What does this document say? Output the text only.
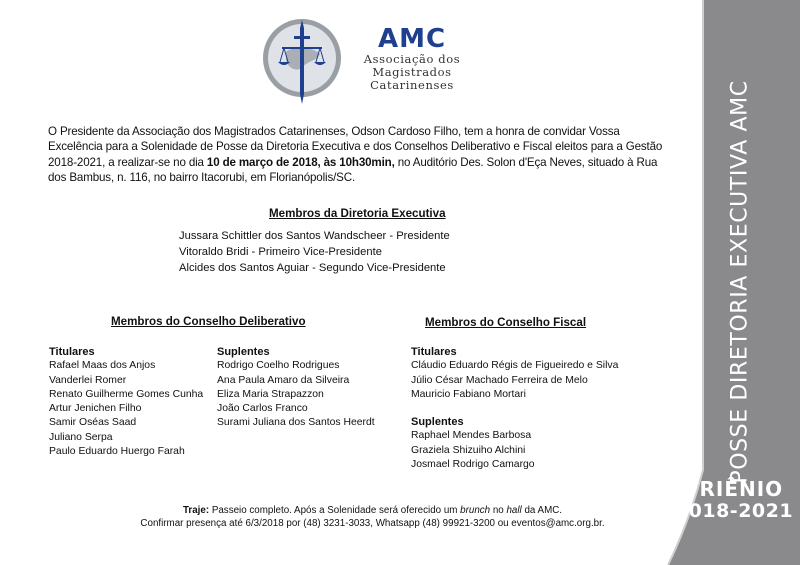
AMC
Associação dos
Magistrados
Catarinenses
O Presidente da Associação dos Magistrados Catarinenses, Odson Cardoso Filho, tem a honra de convidar Vossa Excelência para a Solenidade de Posse da Diretoria Executiva e dos Conselhos Deliberativo e Fiscal eleitos para a Gestão 2018-2021, a realizar-se no dia 10 de março de 2018, às 10h30min, no Auditório Des. Solon d'Eça Neves, situado à Rua dos Bambus, n. 116, no bairro Itacorubi, em Florianópolis/SC.
Membros da Diretoria Executiva
Jussara Schittler dos Santos Wandscheer - Presidente
Vitoraldo Bridi - Primeiro Vice-Presidente
Alcides dos Santos Aguiar - Segundo Vice-Presidente
Membros do Conselho Deliberativo
Titulares
Rafael Maas dos Anjos
Vanderlei Romer
Renato Guilherme Gomes Cunha
Artur Jenichen Filho
Samir Oséas Saad
Juliano Serpa
Paulo Eduardo Huergo Farah
Suplentes
Rodrigo Coelho Rodrigues
Ana Paula Amaro da Silveira
Eliza Maria Strapazzon
João Carlos Franco
Surami Juliana dos Santos Heerdt
Membros do Conselho Fiscal
Titulares
Cláudio Eduardo Régis de Figueiredo e Silva
Júlio César Machado Ferreira de Melo
Mauricio Fabiano Mortari
Suplentes
Raphael Mendes Barbosa
Graziela Shizuiho Alchini
Josmael Rodrigo Camargo
Traje: Passeio completo. Após a Solenidade será oferecido um brunch no hall da AMC.
Confirmar presença até 6/3/2018 por (48) 3231-3033, Whatsapp (48) 99921-3200 ou eventos@amc.org.br.
POSSE DIRETORIA EXECUTIVA AMC
TRIÊNIO
2018-2021
